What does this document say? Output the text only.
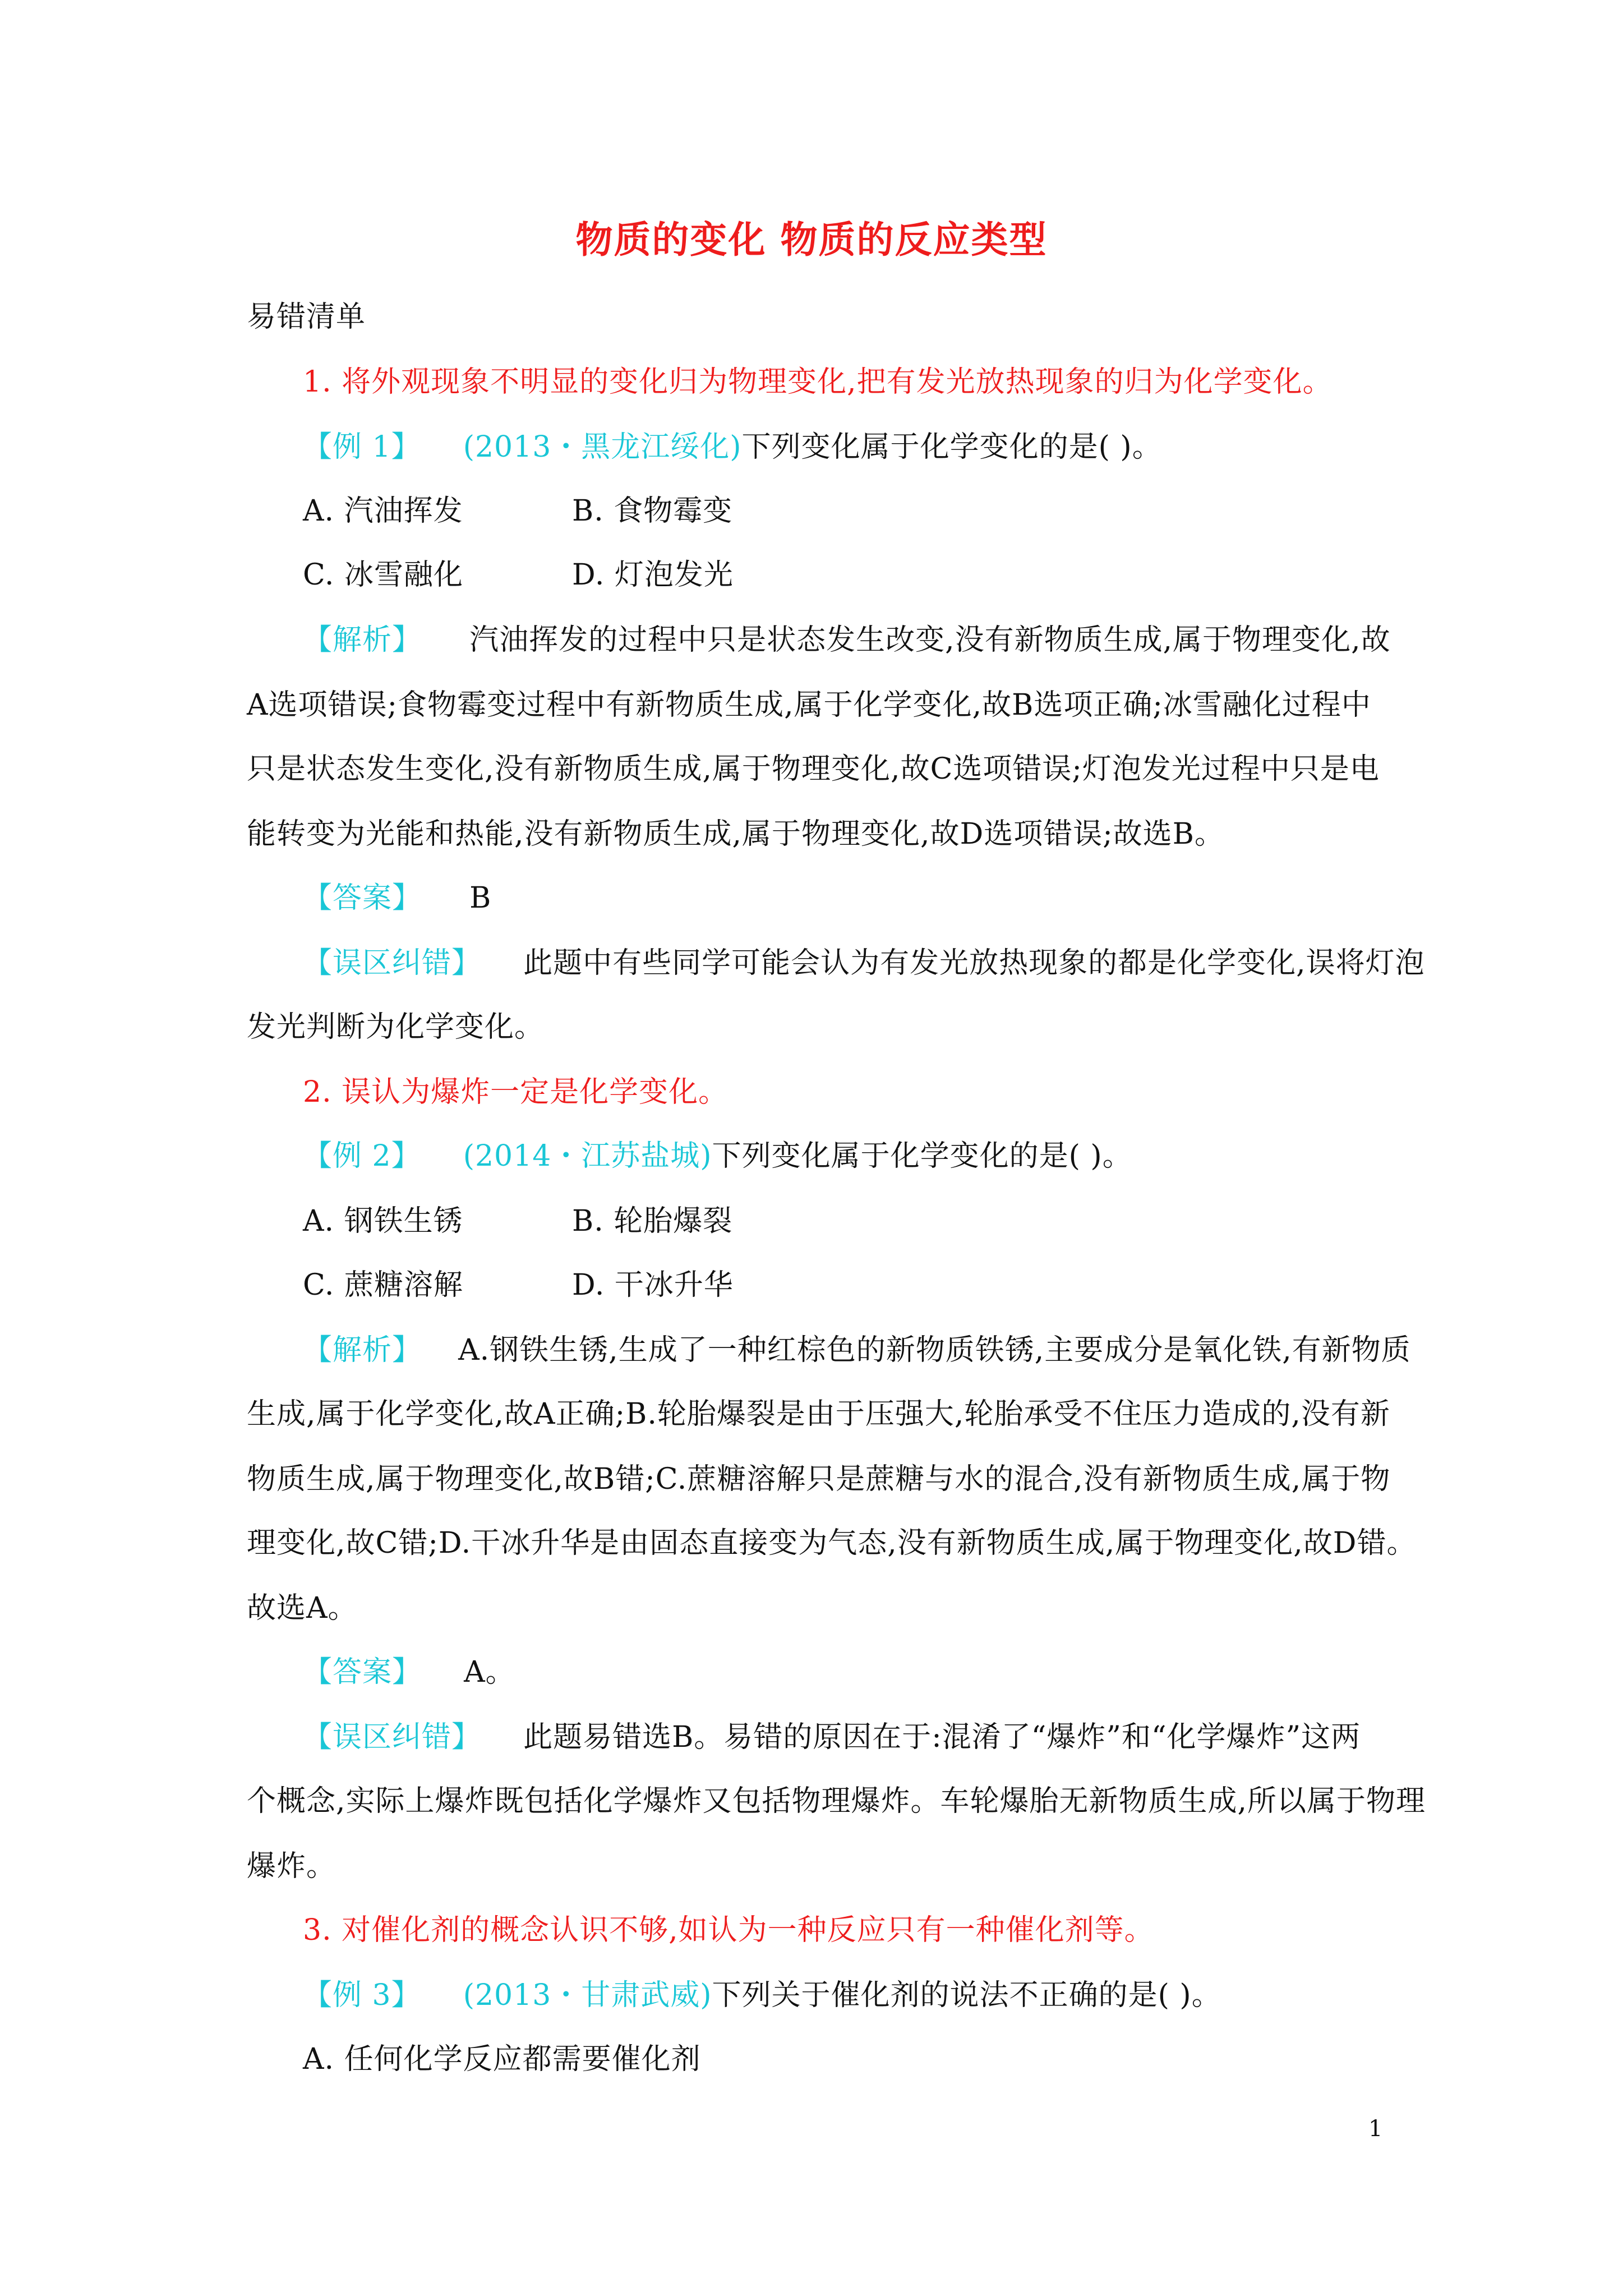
物质的变化 物质的反应类型
易错清单
1. 将外观现象不明显的变化归为物理变化,把有发光放热现象的归为化学变化。
【例 1】 (2013・黑龙江绥化)下列变化属于化学变化的是( )。
A. 汽油挥发	B. 食物霉变
C. 冰雪融化	D. 灯泡发光
【解析】 汽油挥发的过程中只是状态发生改变,没有新物质生成,属于物理变化,故
A选项错误;食物霉变过程中有新物质生成,属于化学变化,故B选项正确;冰雪融化过程中
只是状态发生变化,没有新物质生成,属于物理变化,故C选项错误;灯泡发光过程中只是电
能转变为光能和热能,没有新物质生成,属于物理变化,故D选项错误;故选B。
【答案】 B
【误区纠错】 此题中有些同学可能会认为有发光放热现象的都是化学变化,误将灯泡
发光判断为化学变化。
2. 误认为爆炸一定是化学变化。
【例 2】 (2014・江苏盐城)下列变化属于化学变化的是( )。
A. 钢铁生锈	B. 轮胎爆裂
C. 蔗糖溶解	D. 干冰升华
【解析】 A.钢铁生锈,生成了一种红棕色的新物质铁锈,主要成分是氧化铁,有新物质
生成,属于化学变化,故A正确;B.轮胎爆裂是由于压强大,轮胎承受不住压力造成的,没有新
物质生成,属于物理变化,故B错;C.蔗糖溶解只是蔗糖与水的混合,没有新物质生成,属于物
理变化,故C错;D.干冰升华是由固态直接变为气态,没有新物质生成,属于物理变化,故D错。
故选A。
【答案】 A。
【误区纠错】 此题易错选B。易错的原因在于:混淆了“爆炸”和“化学爆炸”这两
个概念,实际上爆炸既包括化学爆炸又包括物理爆炸。车轮爆胎无新物质生成,所以属于物理
爆炸。
3. 对催化剂的概念认识不够,如认为一种反应只有一种催化剂等。
【例 3】 (2013・甘肃武威)下列关于催化剂的说法不正确的是( )。
A. 任何化学反应都需要催化剂
1
